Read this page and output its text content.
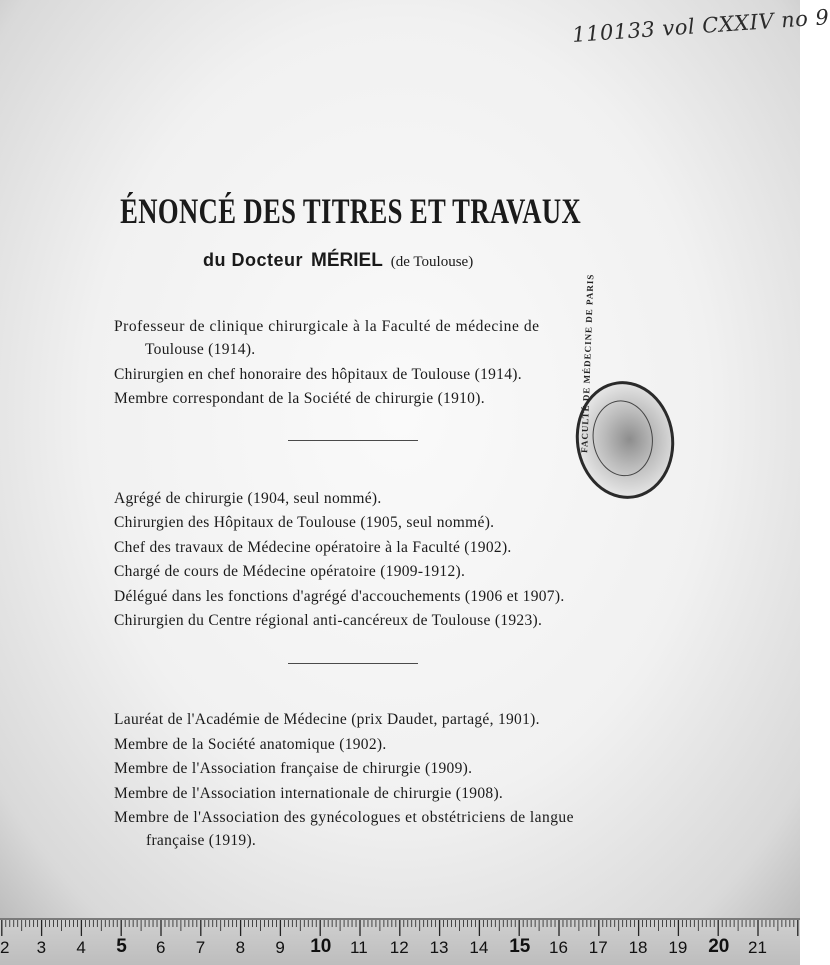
110133 vol CXXIV no 9
ÉNONCÉ DES TITRES ET TRAVAUX
du Docteur MÉRIEL (de Toulouse)
Professeur de clinique chirurgicale à la Faculté de médecine de
Toulouse (1914).
Chirurgien en chef honoraire des hôpitaux de Toulouse (1914).
Membre correspondant de la Société de chirurgie (1910).
Agrégé de chirurgie (1904, seul nommé).
Chirurgien des Hôpitaux de Toulouse (1905, seul nommé).
Chef des travaux de Médecine opératoire à la Faculté (1902).
Chargé de cours de Médecine opératoire (1909-1912).
Délégué dans les fonctions d'agrégé d'accouchements (1906 et 1907).
Chirurgien du Centre régional anti-cancéreux de Toulouse (1923).
Lauréat de l'Académie de Médecine (prix Daudet, partagé, 1901).
Membre de la Société anatomique (1902).
Membre de l'Association française de chirurgie (1909).
Membre de l'Association internationale de chirurgie (1908).
Membre de l'Association des gynécologues et obstétriciens de langue
française (1919).
FACULTÉ DE MÉDECINE DE PARIS
2 3 4 5 6 7 8 9 10 11 12 13 14 15 16 17 18 19 20 21
